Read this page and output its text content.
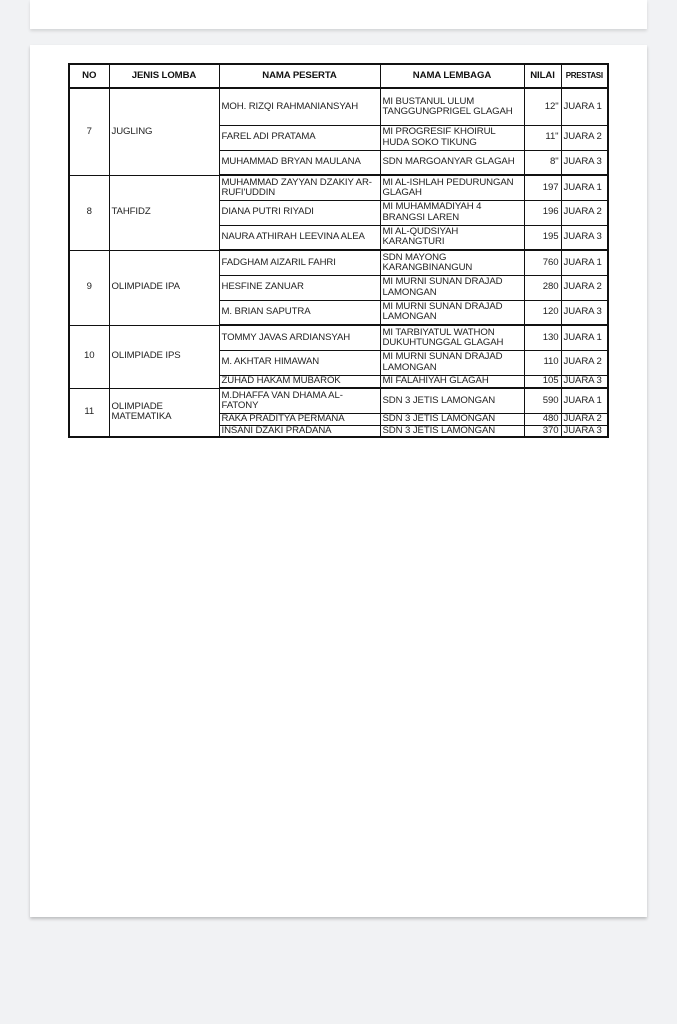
NO	JENIS LOMBA	NAMA PESERTA	NAMA LEMBAGA	NILAI	PRESTASI
7	JUGLING	MOH. RIZQI RAHMANIANSYAH	MI BUSTANUL ULUM TANGGUNGPRIGEL GLAGAH	12"	JUARA 1
		FAREL ADI PRATAMA	MI PROGRESIF KHOIRUL HUDA SOKO TIKUNG	11"	JUARA 2
		MUHAMMAD BRYAN MAULANA	SDN MARGOANYAR GLAGAH	8"	JUARA 3
8	TAHFIDZ	MUHAMMAD ZAYYAN DZAKIY AR-RUFI'UDDIN	MI AL-ISHLAH PEDURUNGAN GLAGAH	197	JUARA 1
		DIANA PUTRI RIYADI	MI MUHAMMADIYAH 4 BRANGSI LAREN	196	JUARA 2
		NAURA ATHIRAH LEEVINA ALEA	MI AL-QUDSIYAH KARANGTURI	195	JUARA 3
9	OLIMPIADE IPA	FADGHAM AIZARIL FAHRI	SDN MAYONG KARANGBINANGUN	760	JUARA 1
		HESFINE ZANUAR	MI MURNI SUNAN DRAJAD LAMONGAN	280	JUARA 2
		M. BRIAN SAPUTRA	MI MURNI SUNAN DRAJAD LAMONGAN	120	JUARA 3
10	OLIMPIADE IPS	TOMMY JAVAS ARDIANSYAH	MI TARBIYATUL WATHON DUKUHTUNGGAL GLAGAH	130	JUARA 1
		M. AKHTAR HIMAWAN	MI MURNI SUNAN DRAJAD LAMONGAN	110	JUARA 2
		ZUHAD HAKAM MUBAROK	MI FALAHIYAH GLAGAH	105	JUARA 3
11	OLIMPIADE MATEMATIKA	M.DHAFFA VAN DHAMA AL-FATONY	SDN 3 JETIS LAMONGAN	590	JUARA 1
		RAKA PRADITYA PERMANA	SDN 3 JETIS LAMONGAN	480	JUARA 2
		INSANI DZAKI PRADANA	SDN 3 JETIS LAMONGAN	370	JUARA 3
